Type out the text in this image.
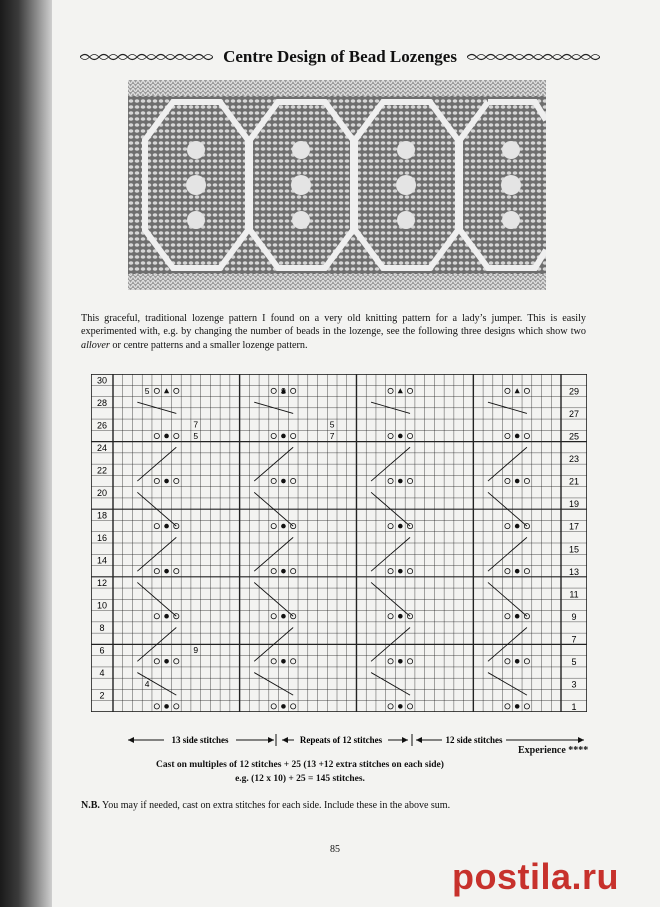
Centre Design of Bead Lozenges
This graceful, traditional lozenge pattern I found on a very old knitting pattern for a lady’s jumper. This is easily experimented with, e.g. by changing the number of beads in the lozenge, see the following three designs which show two allover or centre patterns and a smaller lozenge pattern.
30
28
26
24
22
20
18
16
14
12
10
8
6
4
2
29
27
25
23
21
19
17
15
13
11
9
7
5
3
1
5	9
7
5
5
7
9
4
13 side stitches	Repeats of 12 stitches	12 side stitches
Experience ****
Cast on multiples of 12 stitches + 25 (13 +12 extra stitches on each side)
e.g. (12 x 10) + 25 = 145 stitches.
N.B. You may if needed, cast on extra stitches for each side. Include these in the above sum.
85
postila.ru
